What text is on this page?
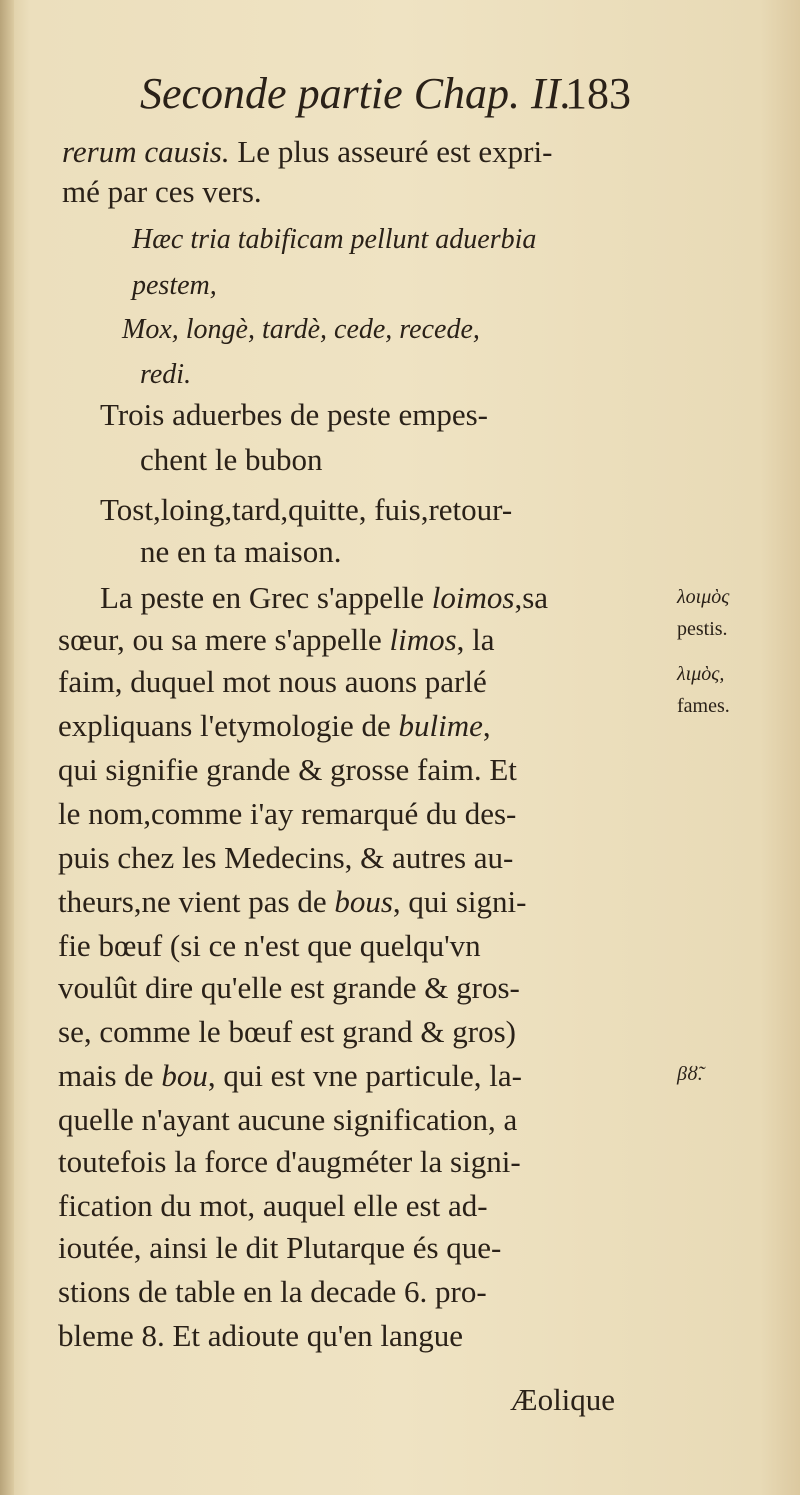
Seconde partie Chap. II.
183
rerum causis. Le plus asseuré est expri-
mé par ces vers.
Hæc tria tabificam pellunt aduerbia
pestem,
Mox, longè, tardè, cede, recede,
redi.
Trois aduerbes de peste empes-
chent le bubon
Tost,loing,tard,quitte, fuis,retour-
ne en ta maison.
La peste en Grec s'appelle loimos,sa
sœur, ou sa mere s'appelle limos, la
faim, duquel mot nous auons parlé
expliquans l'etymologie de bulime,
qui signifie grande & grosse faim. Et
le nom,comme i'ay remarqué du des-
puis chez les Medecins, & autres au-
theurs,ne vient pas de bous, qui signi-
fie bœuf (si ce n'est que quelqu'vn
voulût dire qu'elle est grande & gros-
se, comme le bœuf est grand & gros)
mais de bou, qui est vne particule, la-
quelle n'ayant aucune signification, a
toutefois la force d'augméter la signi-
fication du mot, auquel elle est ad-
ioutée, ainsi le dit Plutarque és que-
stions de table en la decade 6. pro-
bleme 8. Et adioute qu'en langue
λοιμὸς
pestis.
λιμὸς,
fames.
βȣ̃.
Æolique
